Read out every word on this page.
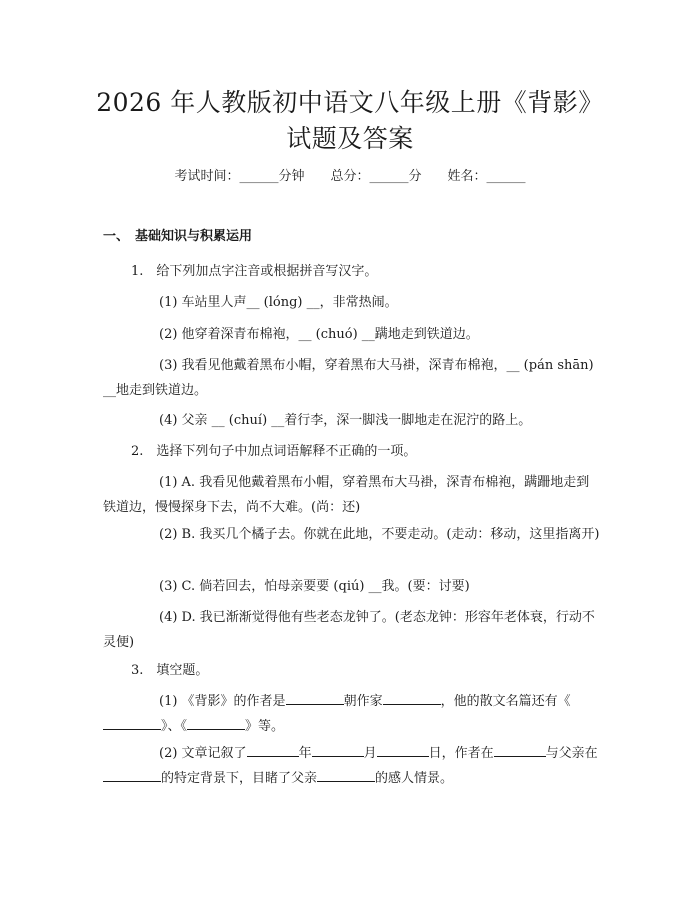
2026 年人教版初中语文八年级上册《背影》
试题及答案
考试时间：______分钟 总分：______分 姓名：______
一、 基础知识与积累运用
1.　给下列加点字注音或根据拼音写汉字。
(1) 车站里人声__ (lóng) __，非常热闹。
(2) 他穿着深青布棉袍，__ (chuó) __蹒地走到铁道边。
(3) 我看见他戴着黑布小帽，穿着黑布大马褂，深青布棉袍，__ (pán shān) __地走到铁道边。
(4) 父亲 __ (chuí) __着行李，深一脚浅一脚地走在泥泞的路上。
2.　选择下列句子中加点词语解释不正确的一项。
(1) A. 我看见他戴着黑布小帽，穿着黑布大马褂，深青布棉袍，蹒跚地走到铁道边，慢慢探身下去，尚不大难。(尚：还)
(2) B. 我买几个橘子去。你就在此地，不要走动。(走动：移动，这里指离开)
(3) C. 倘若回去，怕母亲要要 (qiú) __我。(要：讨要)
(4) D. 我已渐渐觉得他有些老态龙钟了。(老态龙钟：形容年老体衰，行动不灵便)
3.　填空题。
(1) 《背影》的作者是	朝作家	，他的散文名篇还有《》、《	》等。
(2) 文章记叙了	年	月	日，作者在	与父亲在的特定背景下，目睹了父亲	的感人情景。
